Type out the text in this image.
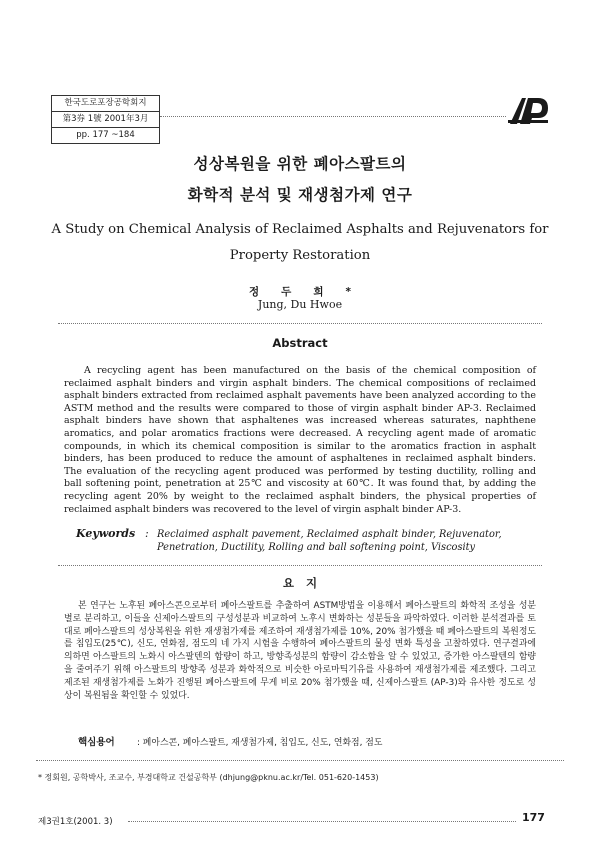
한국도로포장공학회지
第3券 1號 2001年3月
pp. 177 ~184
성상복원을 위한 폐아스팔트의
화학적 분석 및 재생첨가제 연구
A Study on Chemical Analysis of Reclaimed Asphalts and Rejuvenators for
Property Restoration
정두희*
Jung, Du Hwoe
Abstract
A recycling agent has been manufactured on the basis of the chemical composition of reclaimed asphalt binders and virgin asphalt binders. The chemical compositions of reclaimed asphalt binders extracted from reclaimed asphalt pavements have been analyzed according to the ASTM method and the results were compared to those of virgin asphalt binder AP-3. Reclaimed asphalt binders have shown that asphaltenes was increased whereas saturates, naphthene aromatics, and polar aromatics fractions were decreased. A recycling agent made of aromatic compounds, in which its chemical composition is similar to the aromatics fraction in asphalt binders, has been produced to reduce the amount of asphaltenes in reclaimed asphalt binders. The evaluation of the recycling agent produced was performed by testing ductility, rolling and ball softening point, penetration at 25℃ and viscosity at 60℃. It was found that, by adding the recycling agent 20% by weight to the reclaimed asphalt binders, the physical properties of reclaimed asphalt binders was recovered to the level of virgin asphalt binder AP-3.
Keywords : Reclaimed asphalt pavement, Reclaimed asphalt binder, Rejuvenator,
Penetration, Ductility, Rolling and ball softening point, Viscosity
요 지
본 연구는 노후된 폐아스콘으로부터 폐아스팔트를 추출하여 ASTM방법을 이용해서 폐아스팔트의 화학적 조성을 성분별로 분리하고, 이들을 신제아스팔트의 구성성분과 비교하여 노후시 변화하는 성분들을 파악하였다. 이러한 분석결과를 토대로 폐아스팔트의 성상복원을 위한 재생첨가제를 제조하여 재생첨가제를 10%, 20% 첨가했을 때 폐아스팔트의 복원정도를 침입도(25℃), 신도, 연화점, 점도의 네 가지 시험을 수행하여 폐아스팔트의 물성 변화 특성을 고찰하였다. 연구결과에 의하면 아스팔트의 노화시 아스팔텐의 함량이 하고, 방향족성분의 함량이 감소함을 알 수 있었고, 증가한 아스팔텐의 함량을 줄여주기 위해 아스팔트의 방향족 성분과 화학적으로 비슷한 아로마틱기유를 사용하여 재생첨가제를 제조했다. 그리고 제조된 재생첨가제를 노화가 진행된 폐아스팔트에 무게 비로 20% 첨가했을 때, 신제아스팔트 (AP-3)와 유사한 정도로 성상이 복원됨을 확인할 수 있었다.
핵심용어	: 폐아스콘, 폐아스팔트, 재생첨가제, 침입도, 신도, 연화점, 점도
* 정회원, 공학박사, 조교수, 부경대학교 건설공학부 (dhjung@pknu.ac.kr/Tel. 051-620-1453)
제3권1호(2001. 3)	177
